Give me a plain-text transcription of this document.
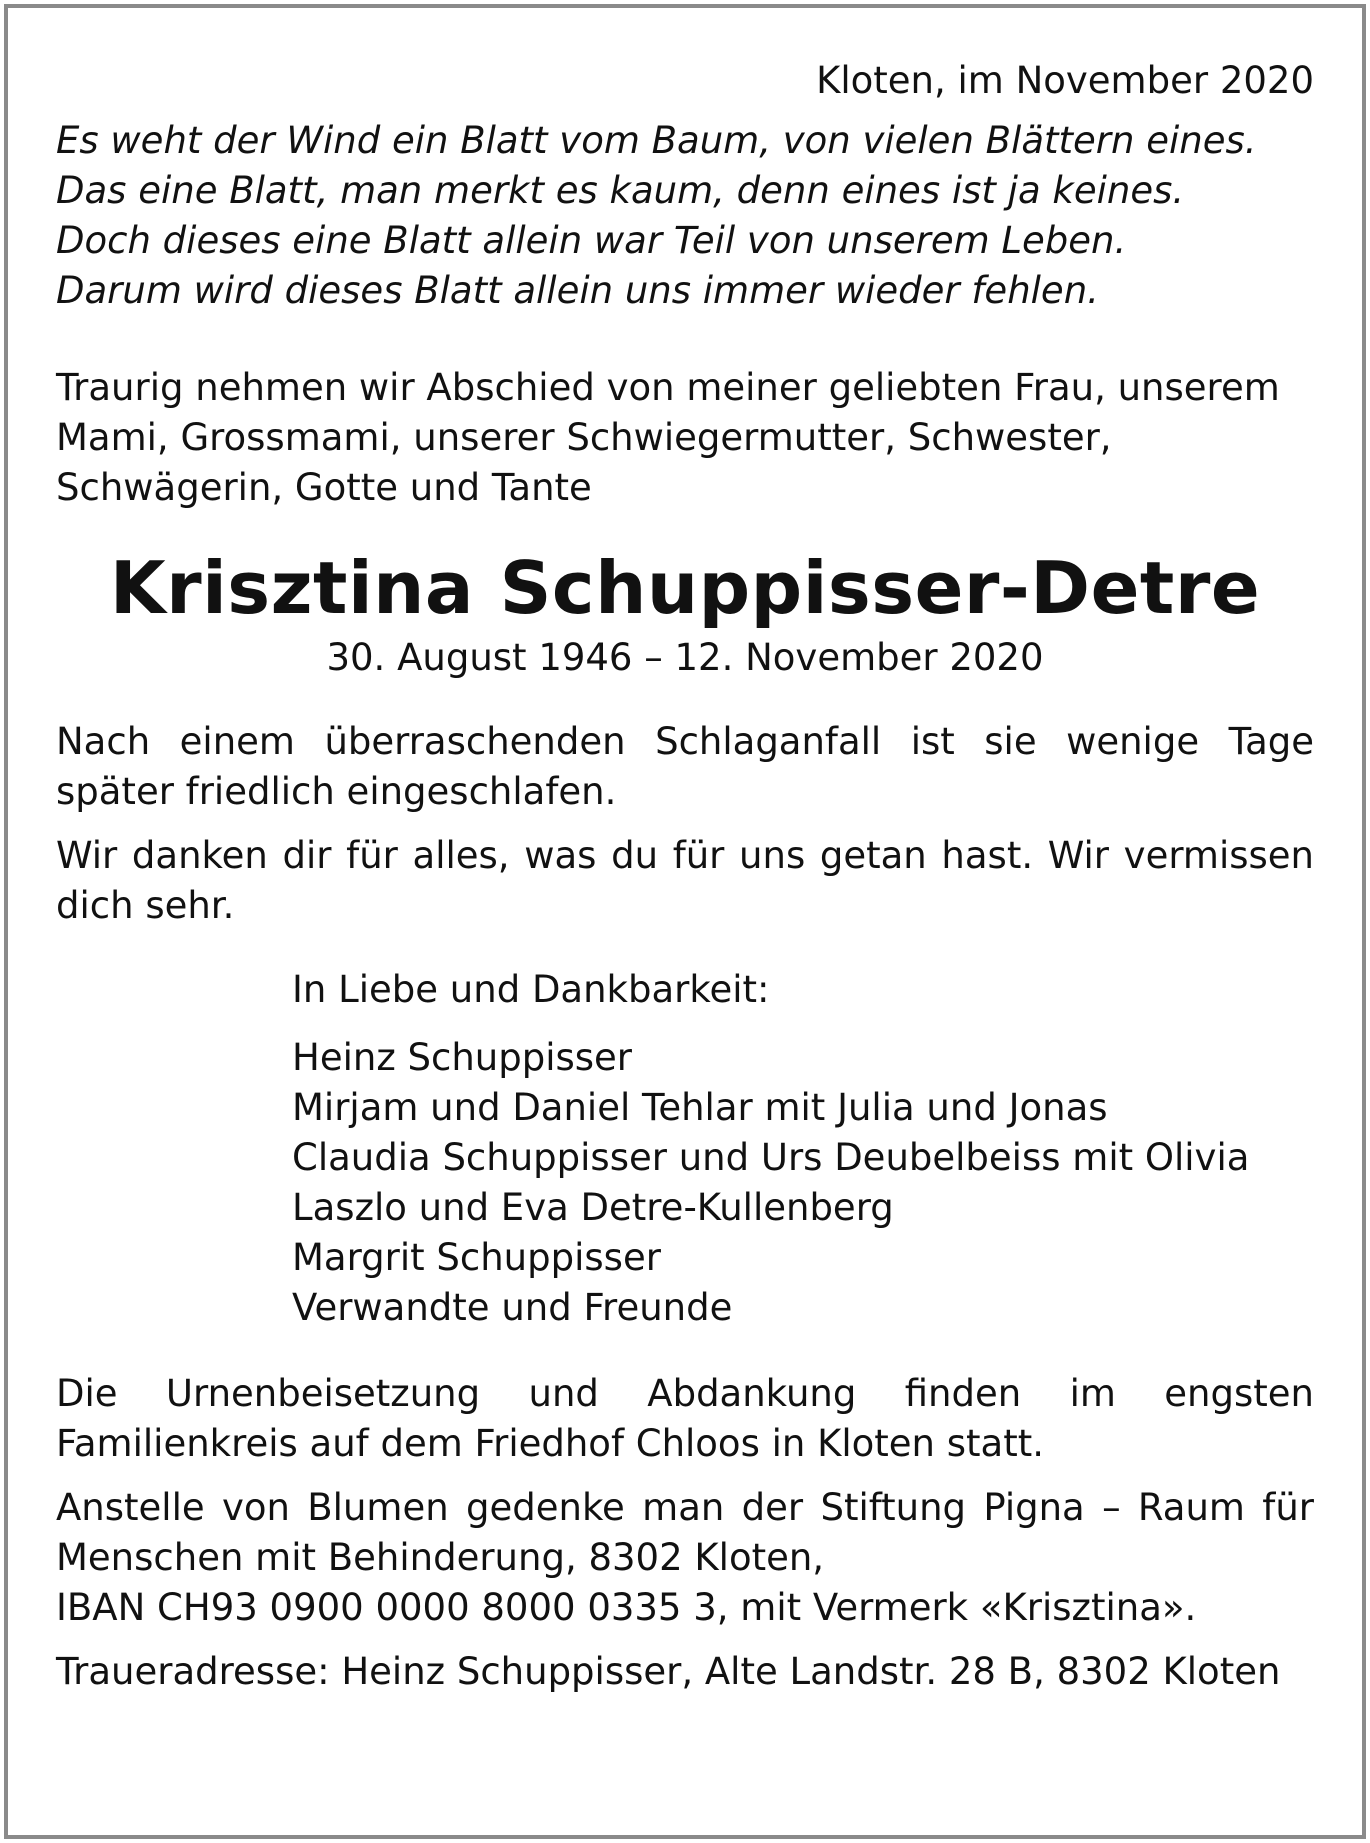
Kloten, im November 2020

Es weht der Wind ein Blatt vom Baum, von vielen Blättern eines.
Das eine Blatt, man merkt es kaum, denn eines ist ja keines.
Doch dieses eine Blatt allein war Teil von unserem Leben.
Darum wird dieses Blatt allein uns immer wieder fehlen.

Traurig nehmen wir Abschied von meiner geliebten Frau, unserem Mami, Grossmami, unserer Schwiegermutter, Schwester, Schwägerin, Gotte und Tante

Krisztina Schuppisser-Detre

30. August 1946 – 12. November 2020

Nach einem überraschenden Schlaganfall ist sie wenige Tage später friedlich eingeschlafen.

Wir danken dir für alles, was du für uns getan hast. Wir vermissen dich sehr.

In Liebe und Dankbarkeit:
Heinz Schuppisser
Mirjam und Daniel Tehlar mit Julia und Jonas
Claudia Schuppisser und Urs Deubelbeiss mit Olivia
Laszlo und Eva Detre-Kullenberg
Margrit Schuppisser
Verwandte und Freunde

Die Urnenbeisetzung und Abdankung finden im engsten Familienkreis auf dem Friedhof Chloos in Kloten statt.

Anstelle von Blumen gedenke man der Stiftung Pigna – Raum für Menschen mit Behinderung, 8302 Kloten,
IBAN CH93 0900 0000 8000 0335 3, mit Vermerk «Krisztina».

Traueradresse: Heinz Schuppisser, Alte Landstr. 28 B, 8302 Kloten
